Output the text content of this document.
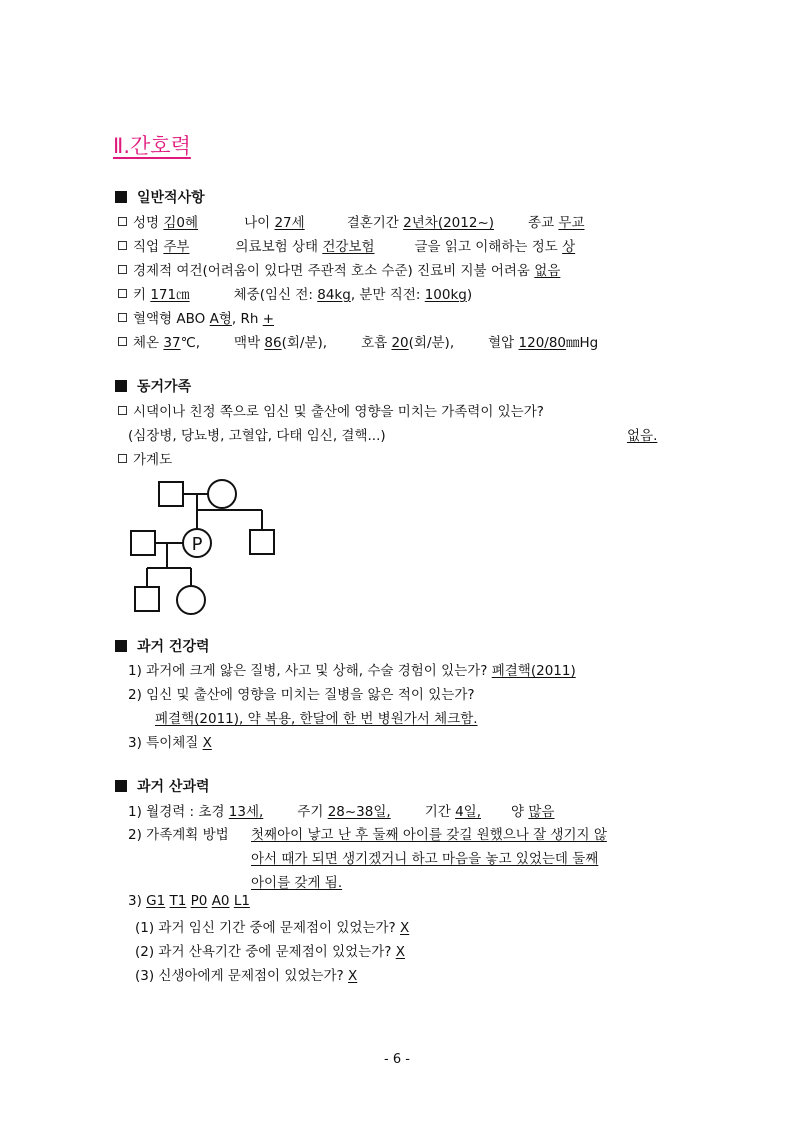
Ⅱ.간호력
일반적사항
성명 김0혜	나이 27세	결혼기간 2년차(2012~)	종교 무교
직업 주부	의료보험 상태 건강보험	글을 읽고 이해하는 정도 상
경제적 여건(어려움이 있다면 주관적 호소 수준) 진료비 지불 어려움 없음
키 171㎝	체중(임신 전: 84kg, 분만 직전: 100kg)
혈액형 ABO A형, Rh +
체온 37℃,	맥박 86(회/분),	호흡 20(회/분),	혈압 120/80㎜Hg
동거가족
시댁이나 친정 쪽으로 임신 및 출산에 영향을 미치는 가족력이 있는가?
(심장병, 당뇨병, 고혈압, 다태 임신, 결핵...)	없음.
가계도
P
과거 건강력
1) 과거에 크게 앓은 질병, 사고 및 상해, 수술 경험이 있는가? 폐결핵(2011)
2) 임신 및 출산에 영향을 미치는 질병을 앓은 적이 있는가?
폐결핵(2011), 약 복용, 한달에 한 번 병원가서 체크함.
3) 특이체질 X
과거 산과력
1) 월경력 : 초경 13세,	주기 28~38일,	기간 4일, 양 많음
2) 가족계획 방법 첫째아이 낳고 난 후 둘째 아이를 갖길 원했으나 잘 생기지 않
아서 때가 되면 생기겠거니 하고 마음을 놓고 있었는데 둘째
아이를 갖게 됨.
3) G1 T1 P0 A0 L1
(1) 과거 임신 기간 중에 문제점이 있었는가? X
(2) 과거 산욕기간 중에 문제점이 있었는가? X
(3) 신생아에게 문제점이 있었는가? X
- 6 -
